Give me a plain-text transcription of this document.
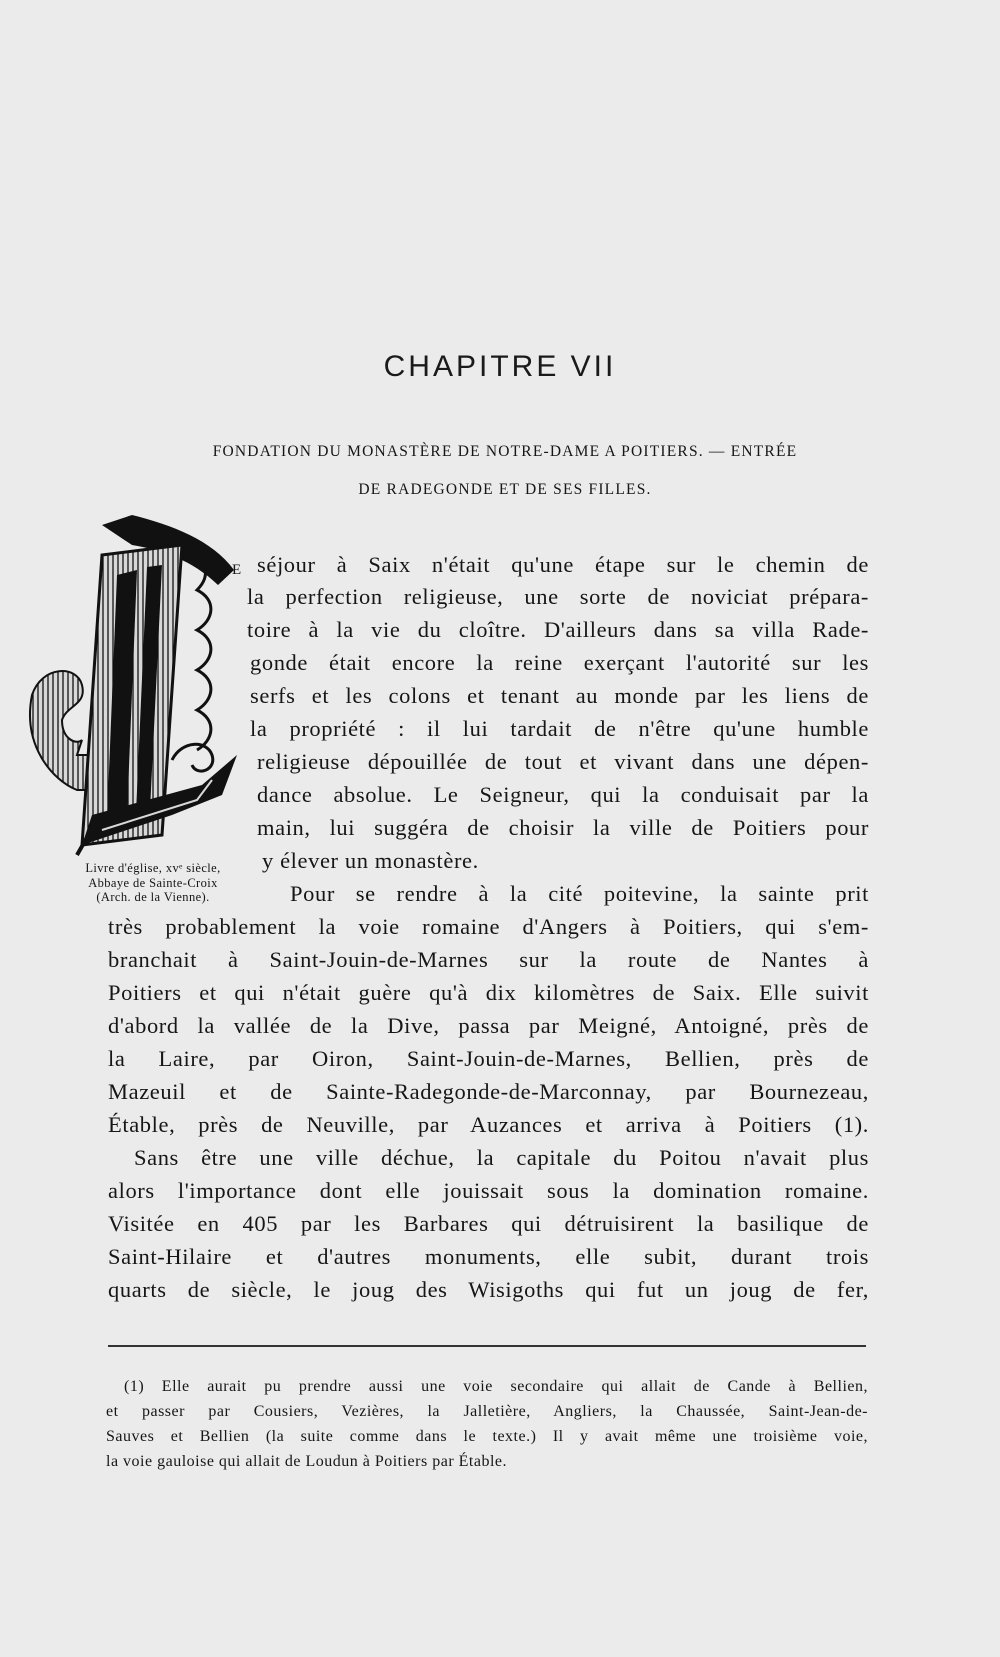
CHAPITRE VII
FONDATION DU MONASTÈRE DE NOTRE-DAME A POITIERS. — ENTRÉE
DE RADEGONDE ET DE SES FILLES.
Livre d'église, xvᵉ siècle,
Abbaye de Sainte-Croix
(Arch. de la Vienne).
E séjour à Saix n'était qu'une étape sur le chemin de
la perfection religieuse, une sorte de noviciat prépara-
toire à la vie du cloître. D'ailleurs dans sa villa Rade-
gonde était encore la reine exerçant l'autorité sur les
serfs et les colons et tenant au monde par les liens de
la propriété : il lui tardait de n'être qu'une humble
religieuse dépouillée de tout et vivant dans une dépen-
dance absolue. Le Seigneur, qui la conduisait par la
main, lui suggéra de choisir la ville de Poitiers pour
y élever un monastère.
Pour se rendre à la cité poitevine, la sainte prit
très probablement la voie romaine d'Angers à Poitiers, qui s'em-
branchait à Saint-Jouin-de-Marnes sur la route de Nantes à
Poitiers et qui n'était guère qu'à dix kilomètres de Saix. Elle suivit
d'abord la vallée de la Dive, passa par Meigné, Antoigné, près de
la Laire, par Oiron, Saint-Jouin-de-Marnes, Bellien, près de
Mazeuil et de Sainte-Radegonde-de-Marconnay, par Bournezeau,
Étable, près de Neuville, par Auzances et arriva à Poitiers (1).
Sans être une ville déchue, la capitale du Poitou n'avait plus
alors l'importance dont elle jouissait sous la domination romaine.
Visitée en 405 par les Barbares qui détruisirent la basilique de
Saint-Hilaire et d'autres monuments, elle subit, durant trois
quarts de siècle, le joug des Wisigoths qui fut un joug de fer,
(1) Elle aurait pu prendre aussi une voie secondaire qui allait de Cande à Bellien,
et passer par Cousiers, Vezières, la Jalletière, Angliers, la Chaussée, Saint-Jean-de-
Sauves et Bellien (la suite comme dans le texte.) Il y avait même une troisième voie,
la voie gauloise qui allait de Loudun à Poitiers par Étable.
